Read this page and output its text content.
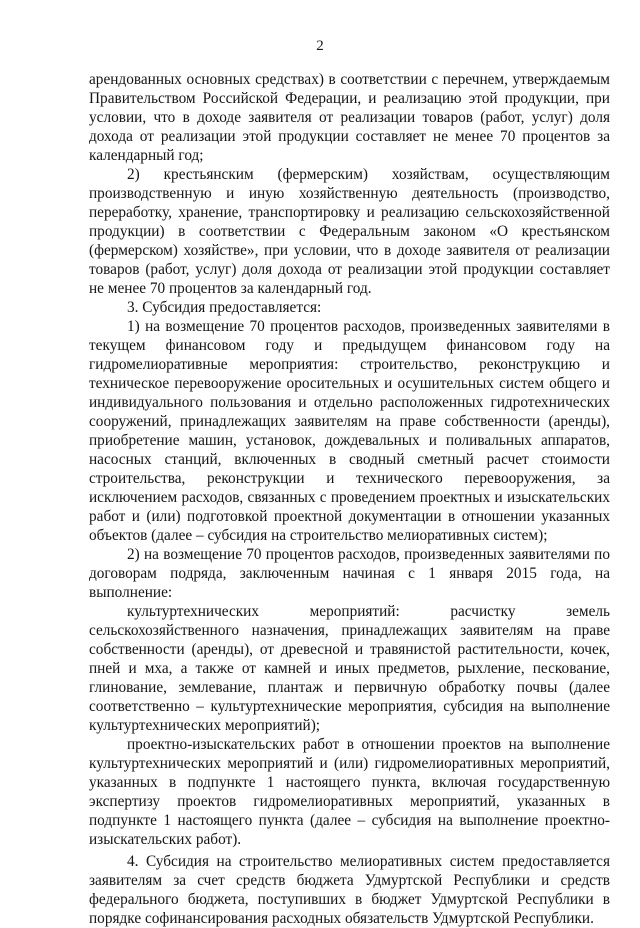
2

арендованных основных средствах) в соответствии с перечнем, утверждаемым Правительством Российской Федерации, и реализацию этой продукции, при условии, что в доходе заявителя от реализации товаров (работ, услуг) доля дохода от реализации этой продукции составляет не менее 70 процентов за календарный год;

2) крестьянским (фермерским) хозяйствам, осуществляющим производственную и иную хозяйственную деятельность (производство, переработку, хранение, транспортировку и реализацию сельскохозяйственной продукции) в соответствии с Федеральным законом «О крестьянском (фермерском) хозяйстве», при условии, что в доходе заявителя от реализации товаров (работ, услуг) доля дохода от реализации этой продукции составляет не менее 70 процентов за календарный год.

3. Субсидия предоставляется:

1) на возмещение 70 процентов расходов, произведенных заявителями в текущем финансовом году и предыдущем финансовом году на гидромелиоративные мероприятия: строительство, реконструкцию и техническое перевооружение оросительных и осушительных систем общего и индивидуального пользования и отдельно расположенных гидротехнических сооружений, принадлежащих заявителям на праве собственности (аренды), приобретение машин, установок, дождевальных и поливальных аппаратов, насосных станций, включенных в сводный сметный расчет стоимости строительства, реконструкции и технического перевооружения, за исключением расходов, связанных с проведением проектных и изыскательских работ и (или) подготовкой проектной документации в отношении указанных объектов (далее – субсидия на строительство мелиоративных систем);

2) на возмещение 70 процентов расходов, произведенных заявителями по договорам подряда, заключенным начиная с 1 января 2015 года, на выполнение:

культуртехнических мероприятий: расчистку земель сельскохозяйственного назначения, принадлежащих заявителям на праве собственности (аренды), от древесной и травянистой растительности, кочек, пней и мха, а также от камней и иных предметов, рыхление, пескование, глинование, землевание, плантаж и первичную обработку почвы (далее соответственно – культуртехнические мероприятия, субсидия на выполнение культуртехнических мероприятий);

проектно-изыскательских работ в отношении проектов на выполнение культуртехнических мероприятий и (или) гидромелиоративных мероприятий, указанных в подпункте 1 настоящего пункта, включая государственную экспертизу проектов гидромелиоративных мероприятий, указанных в подпункте 1 настоящего пункта (далее – субсидия на выполнение проектно-изыскательских работ).

4. Субсидия на строительство мелиоративных систем предоставляется заявителям за счет средств бюджета Удмуртской Республики и средств федерального бюджета, поступивших в бюджет Удмуртской Республики в порядке софинансирования расходных обязательств Удмуртской Республики.
